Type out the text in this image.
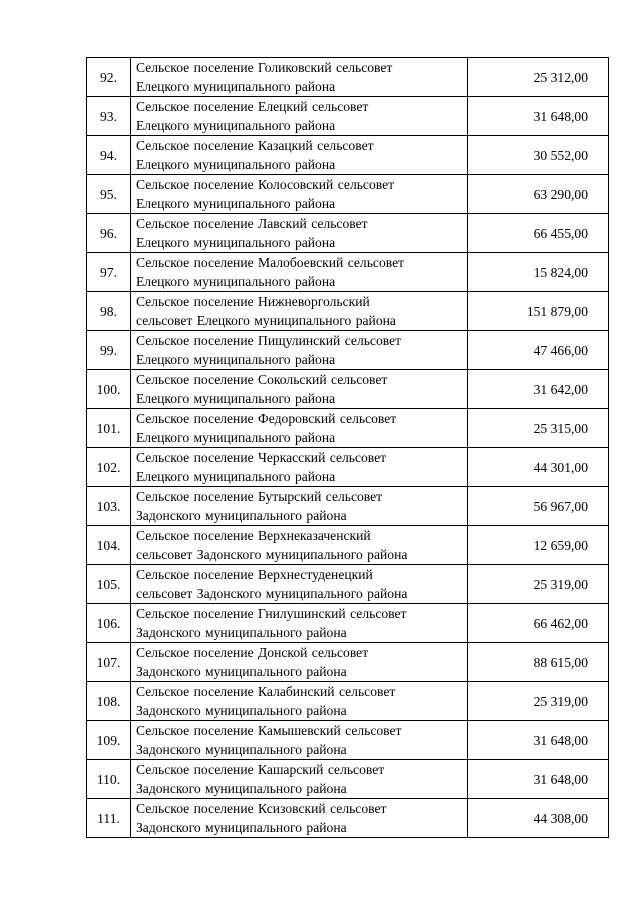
92.	Сельское поселение Голиковский сельсовет
Елецкого муниципального района	25 312,00
93.	Сельское поселение Елецкий сельсовет
Елецкого муниципального района	31 648,00
94.	Сельское поселение Казацкий сельсовет
Елецкого муниципального района	30 552,00
95.	Сельское поселение Колосовский сельсовет
Елецкого муниципального района	63 290,00
96.	Сельское поселение Лавский сельсовет
Елецкого муниципального района	66 455,00
97.	Сельское поселение Малобоевский сельсовет
Елецкого муниципального района	15 824,00
98.	Сельское поселение Нижневоргольский
сельсовет Елецкого муниципального района	151 879,00
99.	Сельское поселение Пищулинский сельсовет
Елецкого муниципального района	47 466,00
100.	Сельское поселение Сокольский сельсовет
Елецкого муниципального района	31 642,00
101.	Сельское поселение Федоровский сельсовет
Елецкого муниципального района	25 315,00
102.	Сельское поселение Черкасский сельсовет
Елецкого муниципального района	44 301,00
103.	Сельское поселение Бутырский сельсовет
Задонского муниципального района	56 967,00
104.	Сельское поселение Верхнеказаченский
сельсовет Задонского муниципального района	12 659,00
105.	Сельское поселение Верхнестуденецкий
сельсовет Задонского муниципального района	25 319,00
106.	Сельское поселение Гнилушинский сельсовет
Задонского муниципального района	66 462,00
107.	Сельское поселение Донской сельсовет
Задонского муниципального района	88 615,00
108.	Сельское поселение Калабинский сельсовет
Задонского муниципального района	25 319,00
109.	Сельское поселение Камышевский сельсовет
Задонского муниципального района	31 648,00
110.	Сельское поселение Кашарский сельсовет
Задонского муниципального района	31 648,00
111.	Сельское поселение Ксизовский сельсовет
Задонского муниципального района	44 308,00
